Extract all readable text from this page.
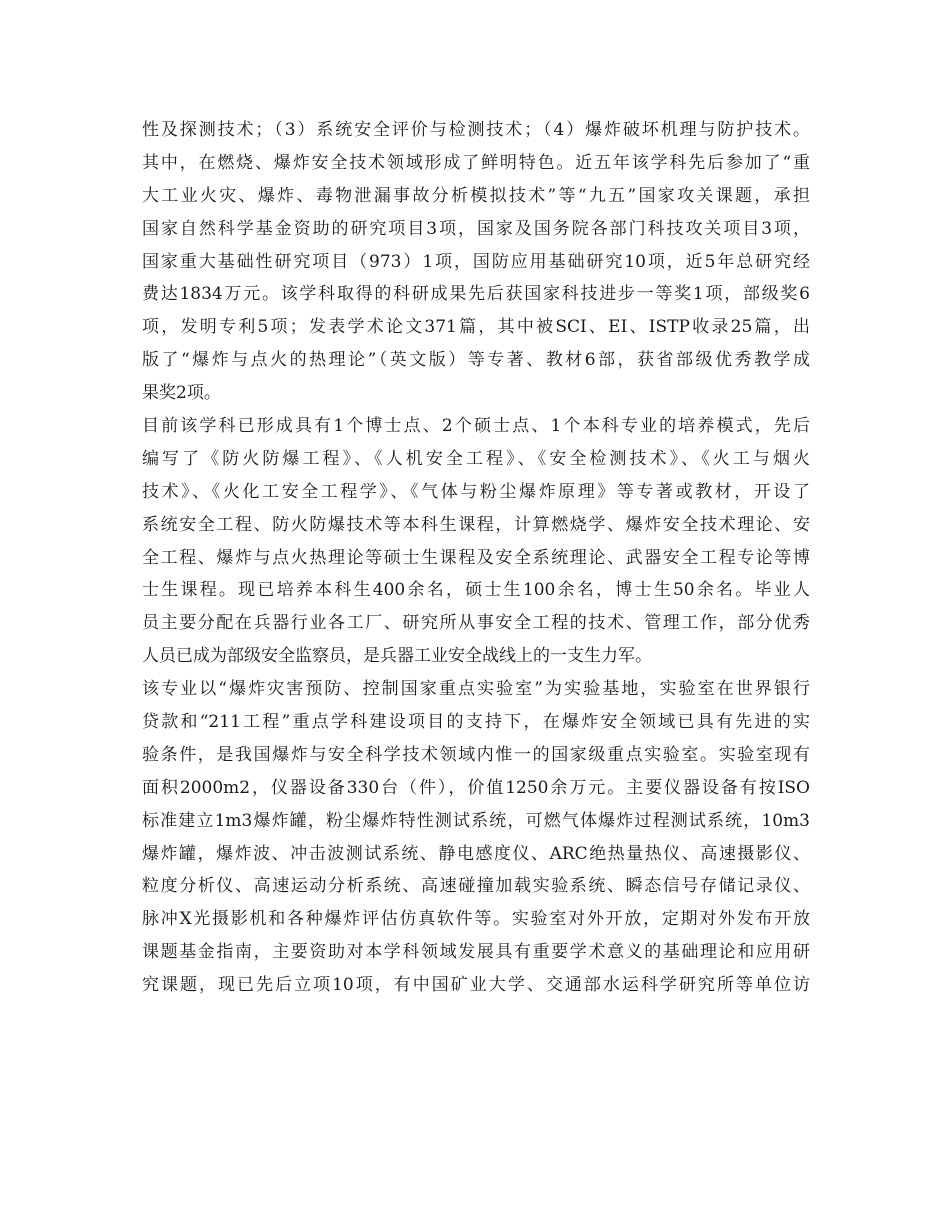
性及探测技术；（3）系统安全评价与检测技术；（4）爆炸破坏机理与防护技术。
其中，在燃烧、爆炸安全技术领域形成了鲜明特色。近五年该学科先后参加了“重
大工业火灾、爆炸、毒物泄漏事故分析模拟技术”等“九五”国家攻关课题，承担
国家自然科学基金资助的研究项目3项，国家及国务院各部门科技攻关项目3项，
国家重大基础性研究项目（973）1项，国防应用基础研究10项，近5年总研究经
费达1834万元。该学科取得的科研成果先后获国家科技进步一等奖1项，部级奖6
项，发明专利5项；发表学术论文371篇，其中被SCI、EI、ISTP收录25篇，出
版了“爆炸与点火的热理论”（英文版）等专著、教材6部，获省部级优秀教学成
果奖2项。
目前该学科已形成具有1个博士点、2个硕士点、1个本科专业的培养模式，先后
编写了《防火防爆工程》、《人机安全工程》、《安全检测技术》、《火工与烟火
技术》、《火化工安全工程学》、《气体与粉尘爆炸原理》等专著或教材，开设了
系统安全工程、防火防爆技术等本科生课程，计算燃烧学、爆炸安全技术理论、安
全工程、爆炸与点火热理论等硕士生课程及安全系统理论、武器安全工程专论等博
士生课程。现已培养本科生400余名，硕士生100余名，博士生50余名。毕业人
员主要分配在兵器行业各工厂、研究所从事安全工程的技术、管理工作，部分优秀
人员已成为部级安全监察员，是兵器工业安全战线上的一支生力军。
该专业以“爆炸灾害预防、控制国家重点实验室”为实验基地，实验室在世界银行
贷款和“211工程”重点学科建设项目的支持下，在爆炸安全领域已具有先进的实
验条件，是我国爆炸与安全科学技术领域内惟一的国家级重点实验室。实验室现有
面积2000m2，仪器设备330台（件），价值1250余万元。主要仪器设备有按ISO
标准建立1m3爆炸罐，粉尘爆炸特性测试系统，可燃气体爆炸过程测试系统，10m3
爆炸罐，爆炸波、冲击波测试系统、静电感度仪、ARC绝热量热仪、高速摄影仪、
粒度分析仪、高速运动分析系统、高速碰撞加载实验系统、瞬态信号存储记录仪、
脉冲X光摄影机和各种爆炸评估仿真软件等。实验室对外开放，定期对外发布开放
课题基金指南，主要资助对本学科领域发展具有重要学术意义的基础理论和应用研
究课题，现已先后立项10项，有中国矿业大学、交通部水运科学研究所等单位访
